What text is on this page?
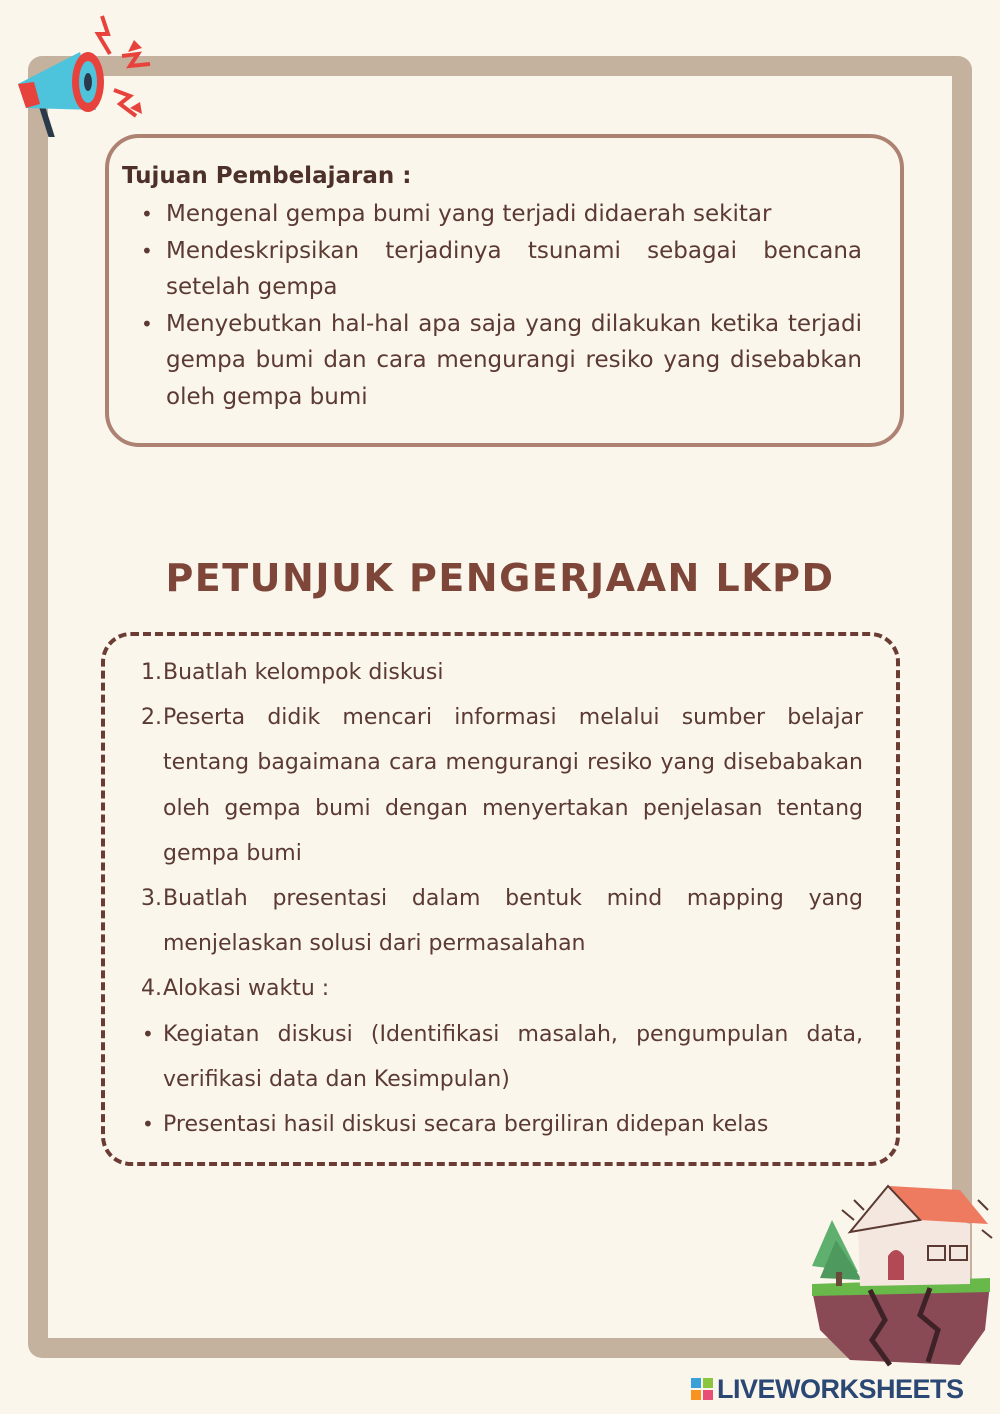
Tujuan Pembelajaran :

• Mengenal gempa bumi yang terjadi didaerah sekitar
• Mendeskripsikan terjadinya tsunami sebagai bencana setelah gempa
• Menyebutkan hal-hal apa saja yang dilakukan ketika terjadi gempa bumi dan cara mengurangi resiko yang disebabkan oleh gempa bumi
PETUNJUK PENGERJAAN LKPD
1. Buatlah kelompok diskusi
2. Peserta didik mencari informasi melalui sumber belajar tentang bagaimana cara mengurangi resiko yang disebabakan oleh gempa bumi dengan menyertakan penjelasan tentang gempa bumi
3. Buatlah presentasi dalam bentuk mind mapping yang menjelaskan solusi dari permasalahan
4. Alokasi waktu :
• Kegiatan diskusi (Identifikasi masalah, pengumpulan data, verifikasi data dan Kesimpulan)
• Presentasi hasil diskusi secara bergiliran didepan kelas
LIVEWORKSHEETS
